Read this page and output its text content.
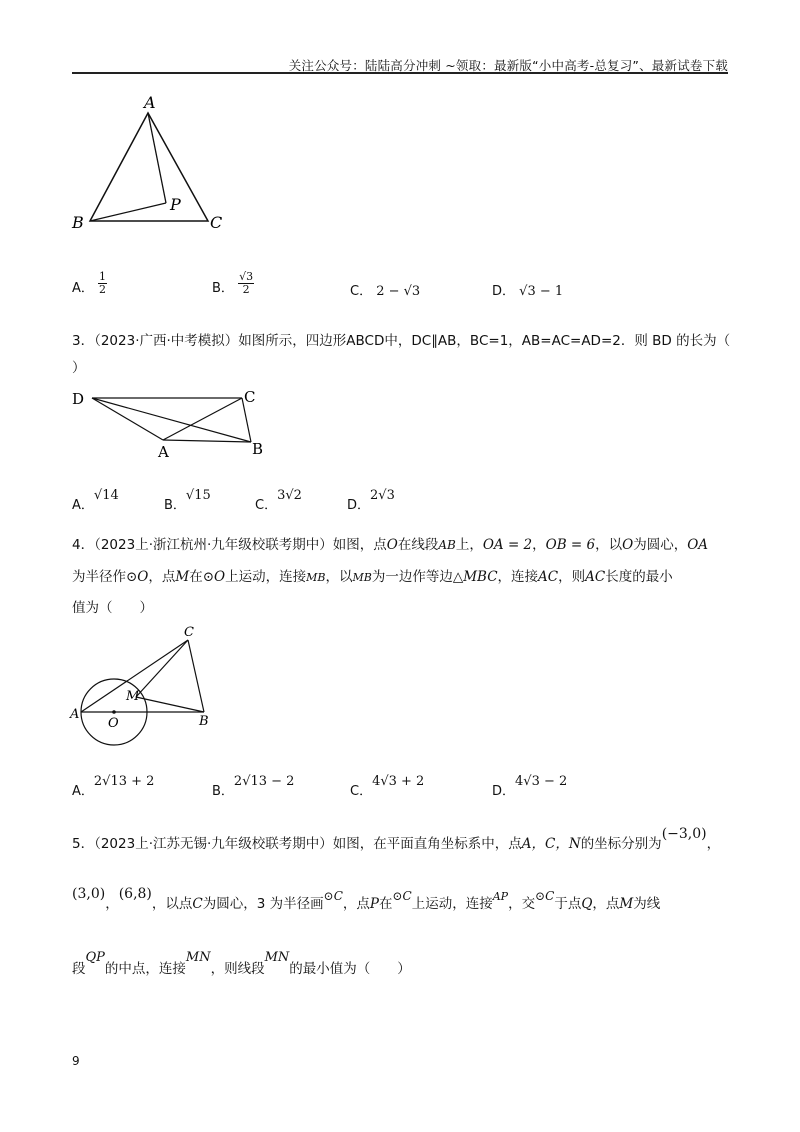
关注公众号：陆陆高分冲刺 ~领取：最新版“小中高考-总复习”、最新试卷下载
A
B	C
P
A． $\frac{1}{2}$	B． $\frac{√3}{2}$	C． 2 − √3	D． √3 − 1
3．（2023·广西·中考模拟）如图所示，四边形ABCD中，DC∥AB，BC=1，AB=AC=AD=2．则 BD 的长为（
）
D	C
A	B
A．√14
B．√15
C．3√2
D．2√3
4．（2023上·浙江杭州·九年级校联考期中）如图，点O在线段AB上，OA = 2，OB = 6，以O为圆心，OA
为半径作⊙O，点M在⊙O上运动，连接MB，以MB为一边作等边△MBC，连接AC，则AC长度的最小
值为（　　）
A
O
M
B
C
A．2√13 + 2
B．2√13 − 2
C．4√3 + 2
D．4√3 − 2
5．（2023上·江苏无锡·九年级校联考期中）如图，在平面直角坐标系中，点A，C，N的坐标分别为(−3,0)，
(3,0)，(6,8)，以点C为圆心，3 为半径画⊙C，点P在⊙C上运动，连接$^{AP}$，交⊙C于点Q，点M为线
段QP的中点，连接MN，则线段MN的最小值为（　　）
9
